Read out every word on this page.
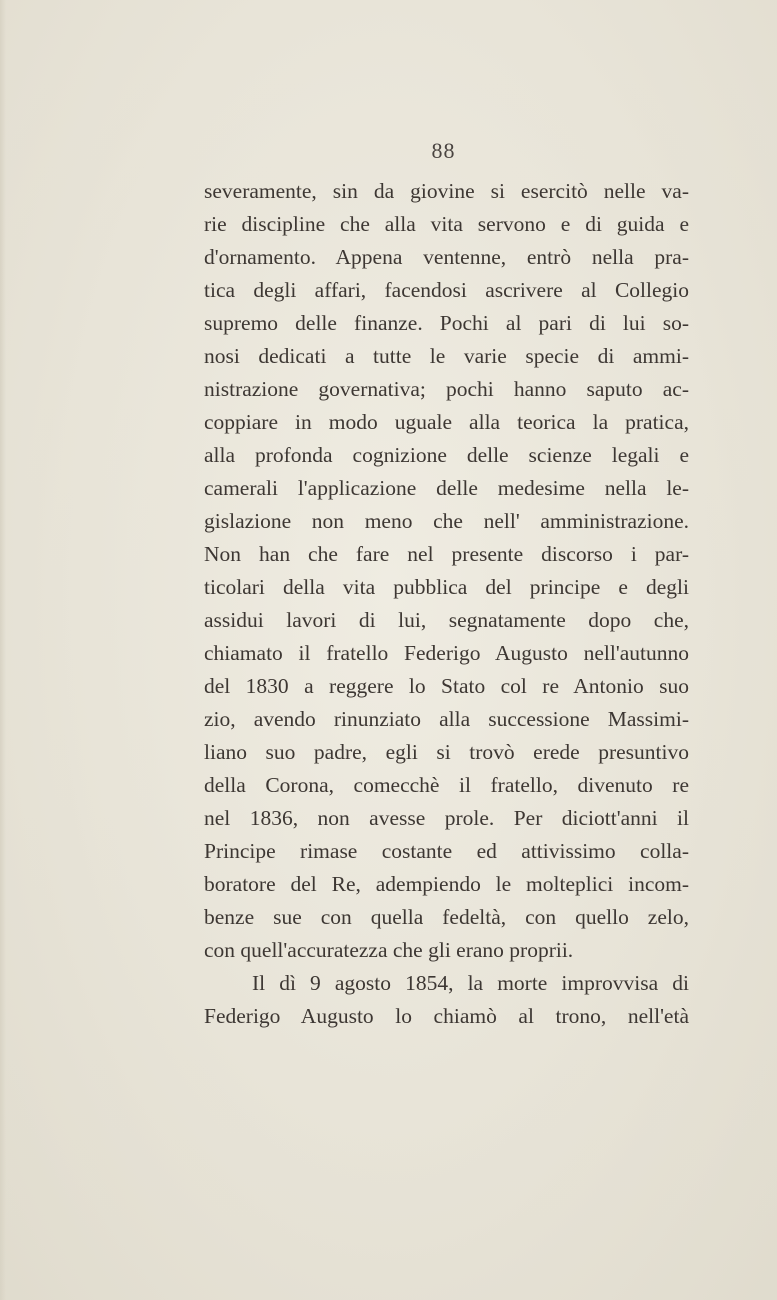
88
severamente, sin da giovine si esercitò nelle va-
rie discipline che alla vita servono e di guida e
d'ornamento. Appena ventenne, entrò nella pra-
tica degli affari, facendosi ascrivere al Collegio
supremo delle finanze. Pochi al pari di lui so-
nosi dedicati a tutte le varie specie di ammi-
nistrazione governativa; pochi hanno saputo ac-
coppiare in modo uguale alla teorica la pratica,
alla profonda cognizione delle scienze legali e
camerali l'applicazione delle medesime nella le-
gislazione non meno che nell' amministrazione.
Non han che fare nel presente discorso i par-
ticolari della vita pubblica del principe e degli
assidui lavori di lui, segnatamente dopo che,
chiamato il fratello Federigo Augusto nell'autunno
del 1830 a reggere lo Stato col re Antonio suo
zio, avendo rinunziato alla successione Massimi-
liano suo padre, egli si trovò erede presuntivo
della Corona, comecchè il fratello, divenuto re
nel 1836, non avesse prole. Per diciott'anni il
Principe rimase costante ed attivissimo colla-
boratore del Re, adempiendo le molteplici incom-
benze sue con quella fedeltà, con quello zelo,
con quell'accuratezza che gli erano proprii.
Il dì 9 agosto 1854, la morte improvvisa di
Federigo Augusto lo chiamò al trono, nell'età
